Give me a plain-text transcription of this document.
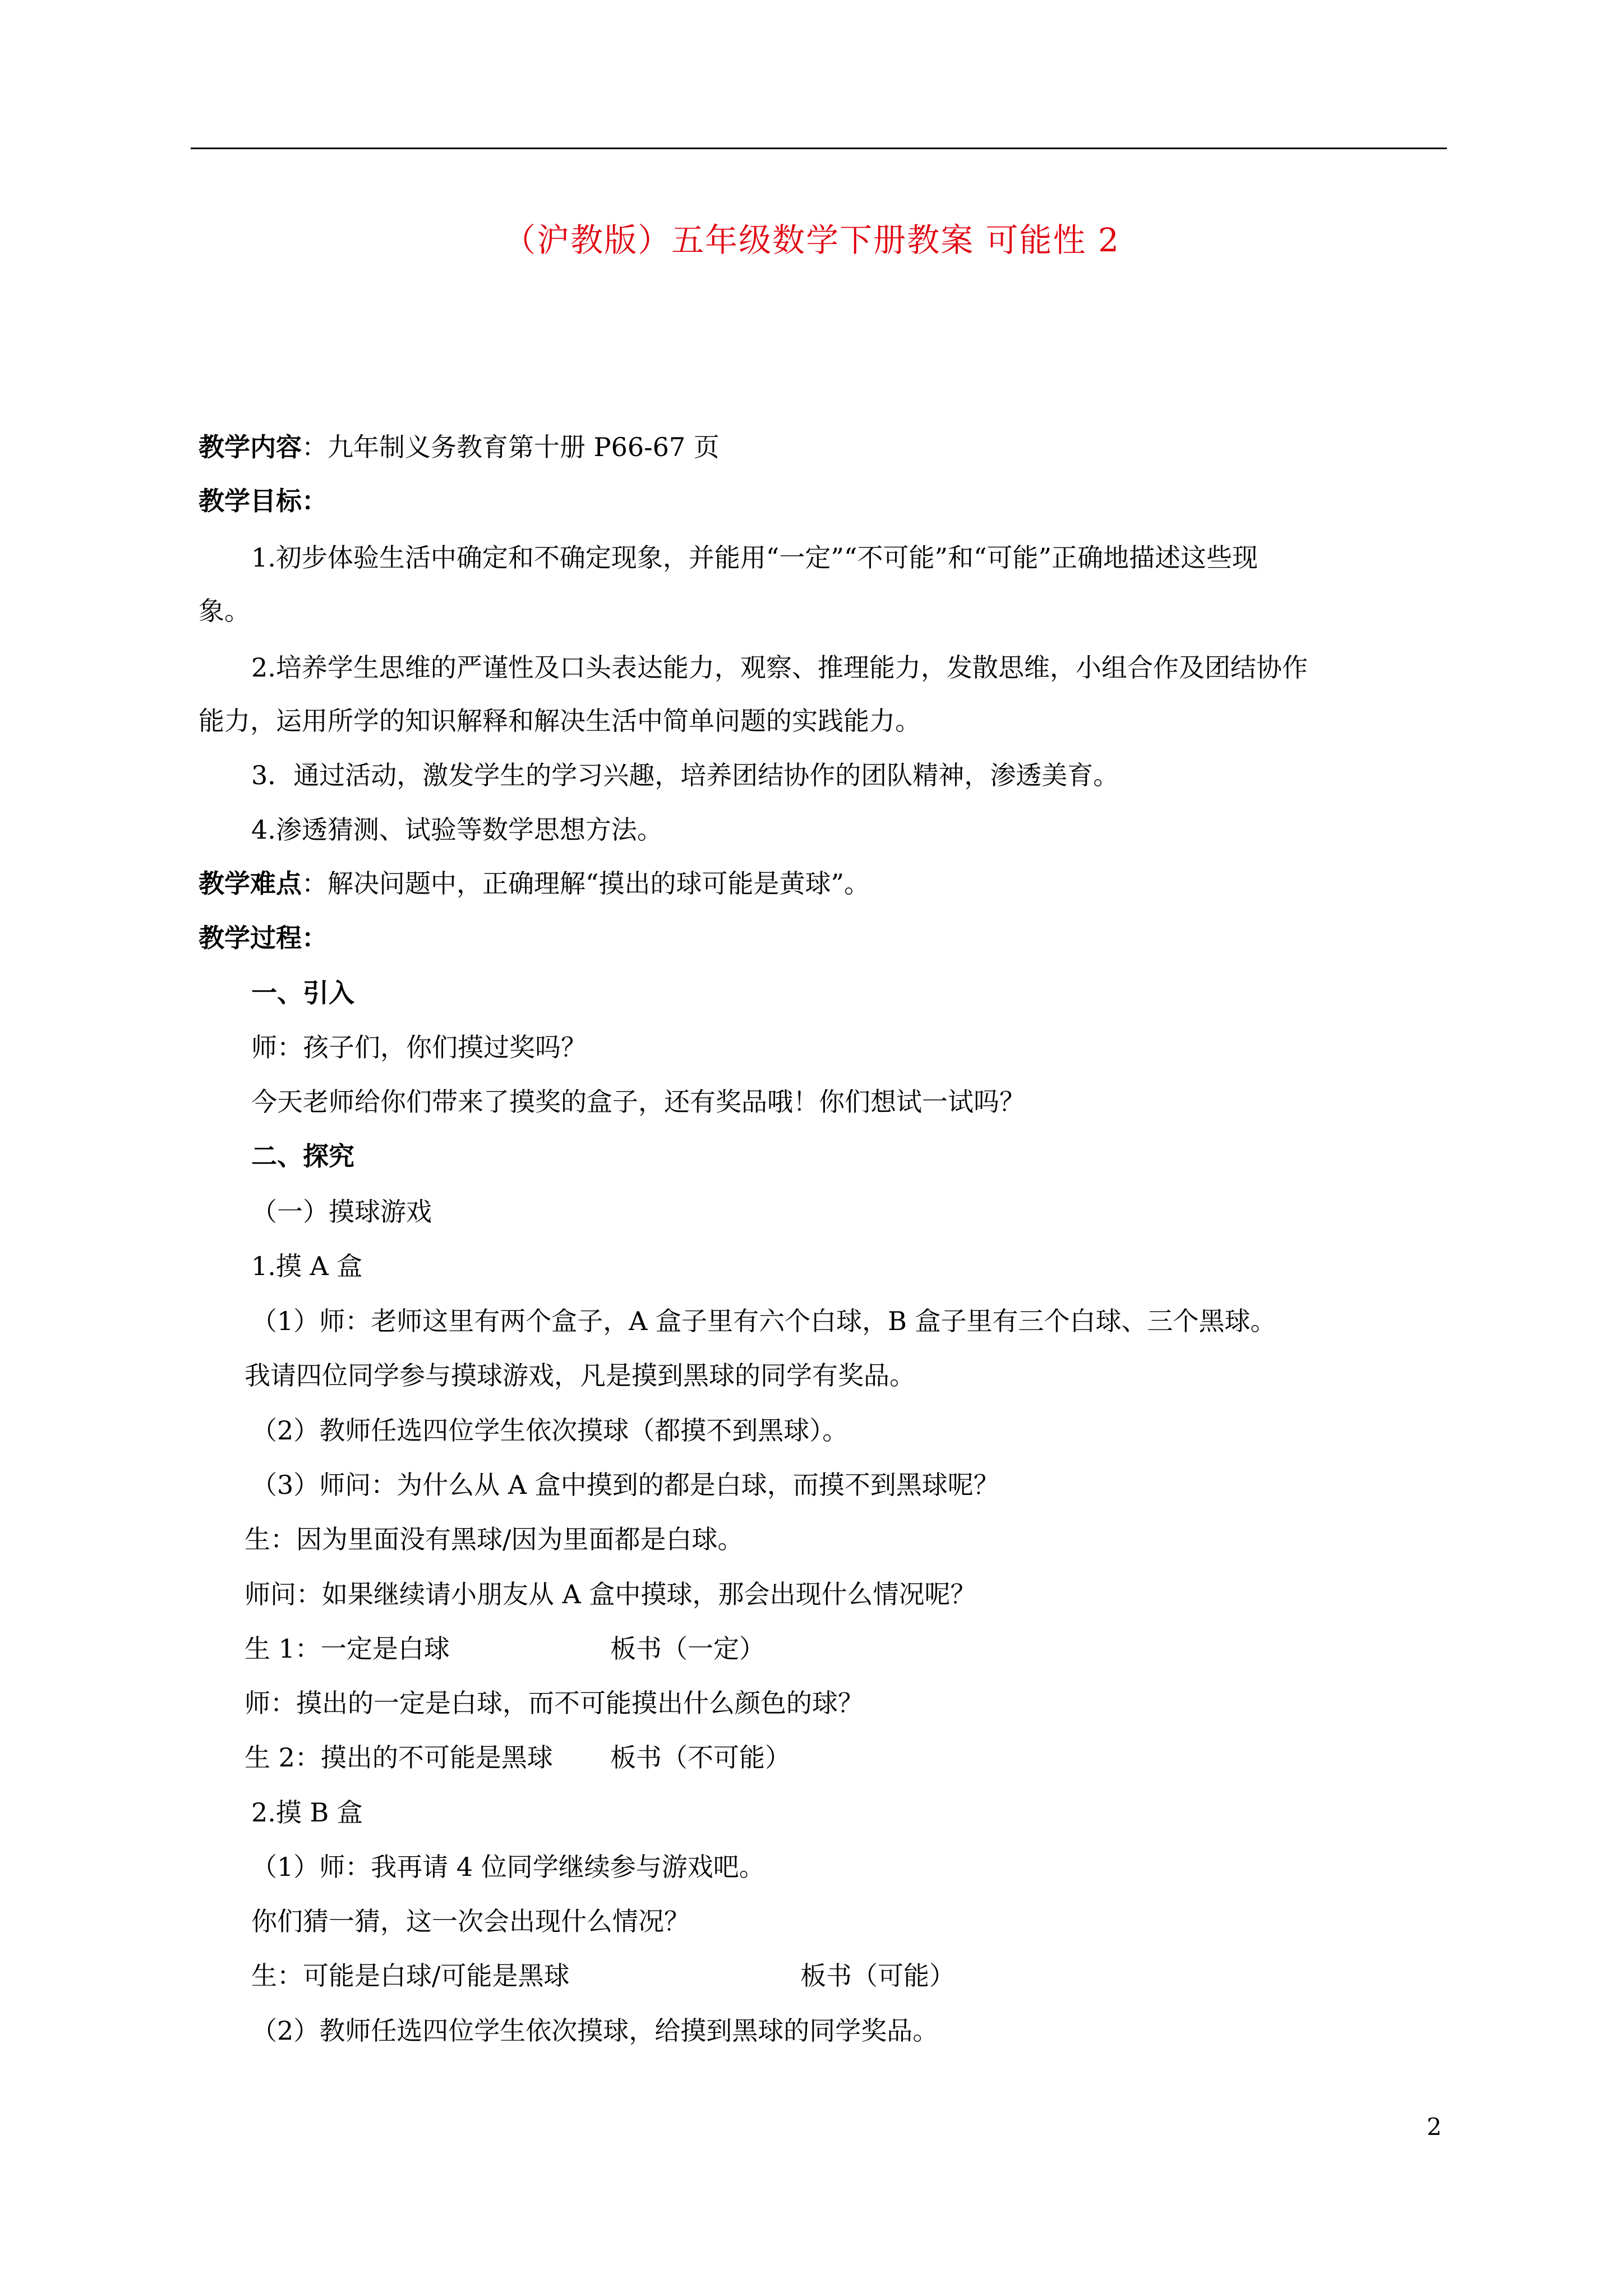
（沪教版）五年级数学下册教案 可能性 2
教学内容：九年制义务教育第十册 P66-67 页
教学目标：
1.初步体验生活中确定和不确定现象，并能用“一定”“不可能”和“可能”正确地描述这些现
象。
2.培养学生思维的严谨性及口头表达能力，观察、推理能力，发散思维，小组合作及团结协作
能力，运用所学的知识解释和解决生活中简单问题的实践能力。
3．通过活动，激发学生的学习兴趣，培养团结协作的团队精神，渗透美育。
4.渗透猜测、试验等数学思想方法。
教学难点：解决问题中，正确理解“摸出的球可能是黄球”。
教学过程：
一、引入
师：孩子们，你们摸过奖吗？
今天老师给你们带来了摸奖的盒子，还有奖品哦！你们想试一试吗？
二、探究
（一）摸球游戏
1.摸 A 盒
（1）师：老师这里有两个盒子，A 盒子里有六个白球，B 盒子里有三个白球、三个黑球。
我请四位同学参与摸球游戏，凡是摸到黑球的同学有奖品。
（2）教师任选四位学生依次摸球（都摸不到黑球）。
（3）师问：为什么从 A 盒中摸到的都是白球，而摸不到黑球呢？
生：因为里面没有黑球/因为里面都是白球。
师问：如果继续请小朋友从 A 盒中摸球，那会出现什么情况呢？
生 1：一定是白球	板书（一定）
师：摸出的一定是白球，而不可能摸出什么颜色的球？
生 2：摸出的不可能是黑球 板书（不可能）
2.摸 B 盒
（1）师：我再请 4 位同学继续参与游戏吧。
你们猜一猜，这一次会出现什么情况？
生：可能是白球/可能是黑球	板书（可能）
（2）教师任选四位学生依次摸球，给摸到黑球的同学奖品。
2
